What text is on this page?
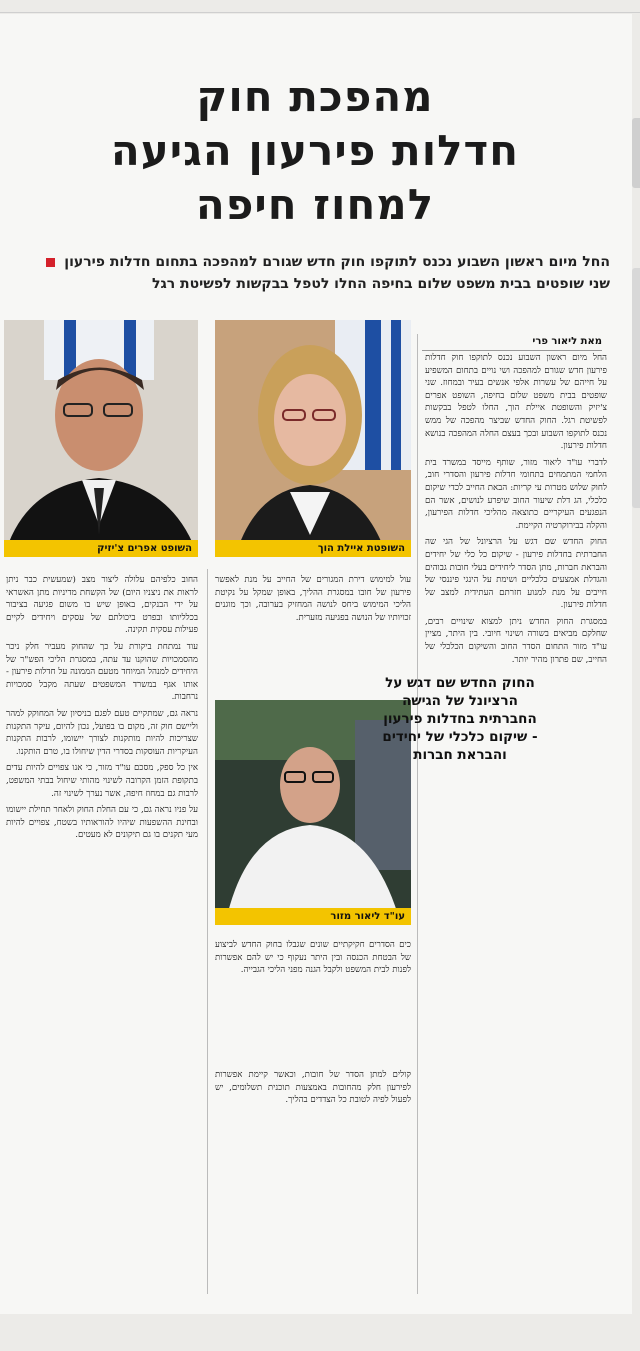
מהפכת חוק
חדלות פירעון הגיעה
למחוז חיפה
החל מיום ראשון השבוע נכנס לתוקפו חוק חדש שגורם למהפכה בתחום חדלות פירעון  שני שופטים בבית משפט שלום בחיפה החלו לטפל בבקשות לפשיטת רגל
מאת ליאור פרי

החל מיום ראשון השבוע נכנס לתוקפו חוק חדלות פירעון חדש שגורם למהפכה ושי נויים בתחום המשפיע על חייהם של עשרות אלפי אנשים בעיר ובמחוז. שני שופטים בבית משפט שלום בחיפה, השופט אפרים צ'יזיק והשופטת איילת הוך, החלו לטפל בבקשות לפשיטת רגל. החוק החדש שביצר מהפכה של ממש נכנס לתוקפו השבוע ובכך בעצם החלה המהפכה בנושא חדלות פירעון.

לדברי עו"ד ליאור מזור, שותף מייסד במשרד בית הלחמי המתמחים בתחומי חדלות פירעון והסדרי חוב, לחוק שלוש מטרות עי קריות: הבאת החייב לכדי שיקום כלכלי, הג דלת שיעור החוב שיפרע לנושים, אשר הם הנפגעים העיקריים כתוצאה מהליכי חדלות הפירעון, והקלה בבירוקרטיה הקיימת.

החוק החדש שם דגש על הרציונל של הגי שה החברתית בחדלות פירעון - שיקום כל כלי של יחידים והבראת חברות, מתן הסדר ליחידים בעלי חובות גבוהים והגדלת אמצעים כלכליים ושימת על הינגי פיננסי של חייבים על מנת למנוע חזרתם העתידית למצב של חדלות פירעון.

במסגרת החוק החדש ניתן למצוא שינויים רבים, שחלקם מביאים בשורה ושינוי חיובי. בין היתר, מציין עו"ד מזור התחום הסדר החוב והשיקום הכלכלי של החייב, שם פתרון מהיר יותר.

השופטת איילת הוך
השופט אפרים צ'יזיק

עול למימוש דירת המגורים של החייב על מנת לאפשר פירעון של חובו במסגרת ההליך, באופן שמקל על נקיטת הליכי המימוש ביחס לנושה המחזיק בערובה, וכך מוגנים זכויותיו של הנושה בפגיעה מזערית.

עו"ד ליאור מזור

כים הסדרים חקיקתיים שונים שגבלו בחוק החדש לביצוע של הבטחת הכנסה ובין היתר נעקוף כי יש להם אפשרות לפנות לבית המשפט ולקבל הגנה מפני הליכי הגבייה.

החוק החדש שם דגש על הרציונל של הגישה החברתית בחדלות פירעון - שיקום כלכלי של יחידים והבראת חברות

קולים למתן הסדר של חובות, וכאשר קיימת אפשרות לפירעון חלק מהחובות באמצעות תוכנית תשלומים, יש לפעול לפיה לטובת כל הצדדים בהליך.

החוב כלפיהם עלולה ליצור מצב (שמעשית כבר ניתן לראות את ניצניו היום) של הקשחת מדיניות מתן האשראי על ידי הבנקים, באופן שיש בו משום פגיעה בציבור בכלליותו ובפרט ביכולתם של עסקים ויחידים לקיים פעילות עסקית תקינה.

עוד נמתחת ביקורת על כך שהחוק מעביר חלק ניכר מהסמכויות שהוקנו עד עתה, במסגרת הליכי הפש"ר של היחידים למנהל המיוחד מטעם הממונה על חדלות פירעון - אותו אגף במשרד המשפטים שעתה מקבל סמכויות נרחבות.

נראה גם, שמתקיים טעם לפגם בניסיון של המחוקק למהר וליישם חוק זה, מקום בו בפועל, נכון להיום, עיקר התקנות שצריכות להיות מותקנות לצורך יישומו, לרבות התקנות העיקריות העוסקות בסדרי הדין שיחולו בו, טרם הותקנו.

אין כל ספק, מסכם עו"ד מזור, כי אנו צפויים להיות עדים בתקופת הזמן הקרובה לשינוי מהותי שיחול בבתי המשפט, לרבות גם במחוז חיפה, אשר נערך לשינוי זה.

על פניו נראה גם, כי עם החלת החוק ולאחר תחילת יישומו ובחינת ההשפעות שיהיו להוראותיו בשטח, צפויים להיות מעי תקנים בו גם תיקונים לא מעטים.
